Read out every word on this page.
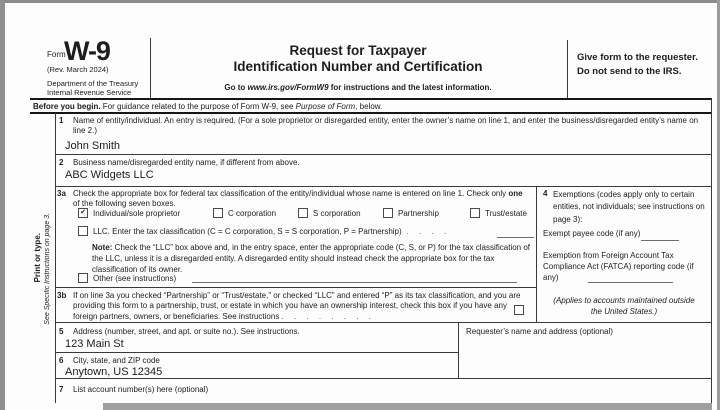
Form
W-9
(Rev. March 2024)
Department of the Treasury
Internal Revenue Service
Request for Taxpayer
Identification Number and Certification
Go to www.irs.gov/FormW9 for instructions and the latest information.
Give form to the requester. Do not send to the IRS.
Before you begin. For guidance related to the purpose of Form W-9, see Purpose of Form, below.
Print or type. See Specific Instructions on page 3.
1 Name of entity/individual. An entry is required. (For a sole proprietor or disregarded entity, enter the owner’s name on line 1, and enter the business/disregarded entity’s name on line 2.)
John Smith
2 Business name/disregarded entity name, if different from above.
ABC Widgets LLC
3a Check the appropriate box for federal tax classification of the entity/individual whose name is entered on line 1. Check only one of the following seven boxes.
✔ Individual/sole proprietor	C corporation	S corporation	Partnership	Trust/estate
LLC. Enter the tax classification (C = C corporation, S = S corporation, P = Partnership) . . . .
Note: Check the “LLC” box above and, in the entry space, enter the appropriate code (C, S, or P) for the tax classification of the LLC, unless it is a disregarded entity. A disregarded entity should instead check the appropriate box for the tax classification of its owner.
Other (see instructions)
3b If on line 3a you checked “Partnership” or “Trust/estate,” or checked “LLC” and entered “P” as its tax classification, and you are providing this form to a partnership, trust, or estate in which you have an ownership interest, check this box if you have any foreign partners, owners, or beneficiaries. See instructions . . . . . . . .
4 Exemptions (codes apply only to certain entities, not individuals; see instructions on page 3):
Exempt payee code (if any)
Exemption from Foreign Account Tax Compliance Act (FATCA) reporting code (if any)
(Applies to accounts maintained outside the United States.)
5 Address (number, street, and apt. or suite no.). See instructions.
123 Main St
Requester’s name and address (optional)
6 City, state, and ZIP code
Anytown, US 12345
7 List account number(s) here (optional)
